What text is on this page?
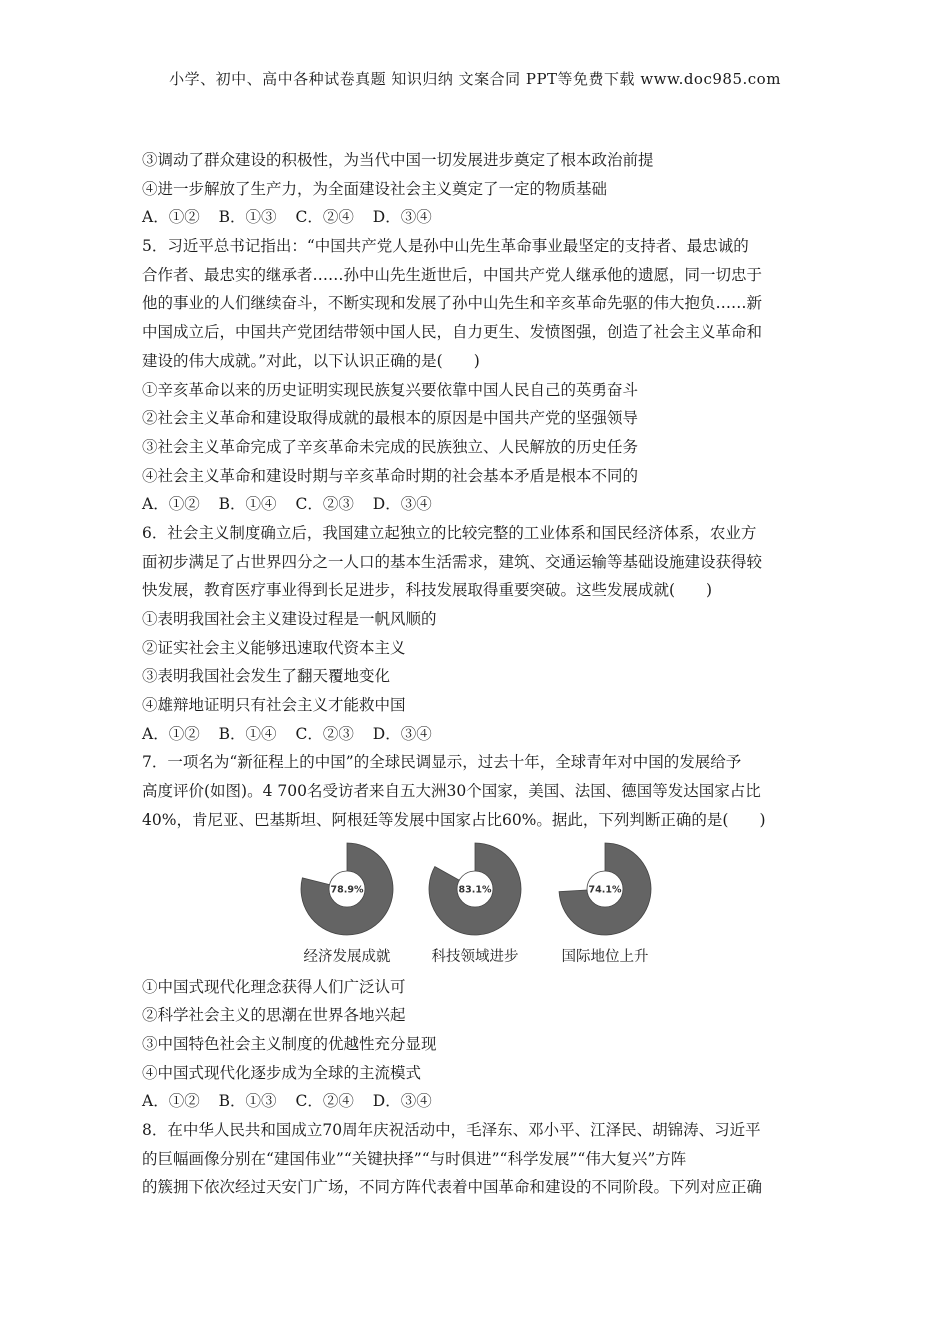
小学、初中、高中各种试卷真题 知识归纳 文案合同 PPT等免费下载 www.doc985.com
③调动了群众建设的积极性，为当代中国一切发展进步奠定了根本政治前提
④进一步解放了生产力，为全面建设社会主义奠定了一定的物质基础
A．①② B．①③ C．②④ D．③④
5．习近平总书记指出：“中国共产党人是孙中山先生革命事业最坚定的支持者、最忠诚的
合作者、最忠实的继承者……孙中山先生逝世后，中国共产党人继承他的遗愿，同一切忠于
他的事业的人们继续奋斗，不断实现和发展了孙中山先生和辛亥革命先驱的伟大抱负……新
中国成立后，中国共产党团结带领中国人民，自力更生、发愤图强，创造了社会主义革命和
建设的伟大成就。”对此，以下认识正确的是(　　)
①辛亥革命以来的历史证明实现民族复兴要依靠中国人民自己的英勇奋斗
②社会主义革命和建设取得成就的最根本的原因是中国共产党的坚强领导
③社会主义革命完成了辛亥革命未完成的民族独立、人民解放的历史任务
④社会主义革命和建设时期与辛亥革命时期的社会基本矛盾是根本不同的
A．①② B．①④ C．②③ D．③④
6．社会主义制度确立后，我国建立起独立的比较完整的工业体系和国民经济体系，农业方
面初步满足了占世界四分之一人口的基本生活需求，建筑、交通运输等基础设施建设获得较
快发展，教育医疗事业得到长足进步，科技发展取得重要突破。这些发展成就(　　)
①表明我国社会主义建设过程是一帆风顺的
②证实社会主义能够迅速取代资本主义
③表明我国社会发生了翻天覆地变化
④雄辩地证明只有社会主义才能救中国
A．①② B．①④ C．②③ D．③④
7．一项名为“新征程上的中国”的全球民调显示，过去十年，全球青年对中国的发展给予
高度评价(如图)。4 700名受访者来自五大洲30个国家，美国、法国、德国等发达国家占比
40%，肯尼亚、巴基斯坦、阿根廷等发展中国家占比60%。据此，下列判断正确的是(　　)
78.9%
经济发展成就
83.1%
科技领域进步
74.1%
国际地位上升
①中国式现代化理念获得人们广泛认可
②科学社会主义的思潮在世界各地兴起
③中国特色社会主义制度的优越性充分显现
④中国式现代化逐步成为全球的主流模式
A．①② B．①③ C．②④ D．③④
8．在中华人民共和国成立70周年庆祝活动中，毛泽东、邓小平、江泽民、胡锦涛、习近平
的巨幅画像分别在“建国伟业”“关键抉择”“与时俱进”“科学发展”“伟大复兴”方阵
的簇拥下依次经过天安门广场，不同方阵代表着中国革命和建设的不同阶段。下列对应正确
